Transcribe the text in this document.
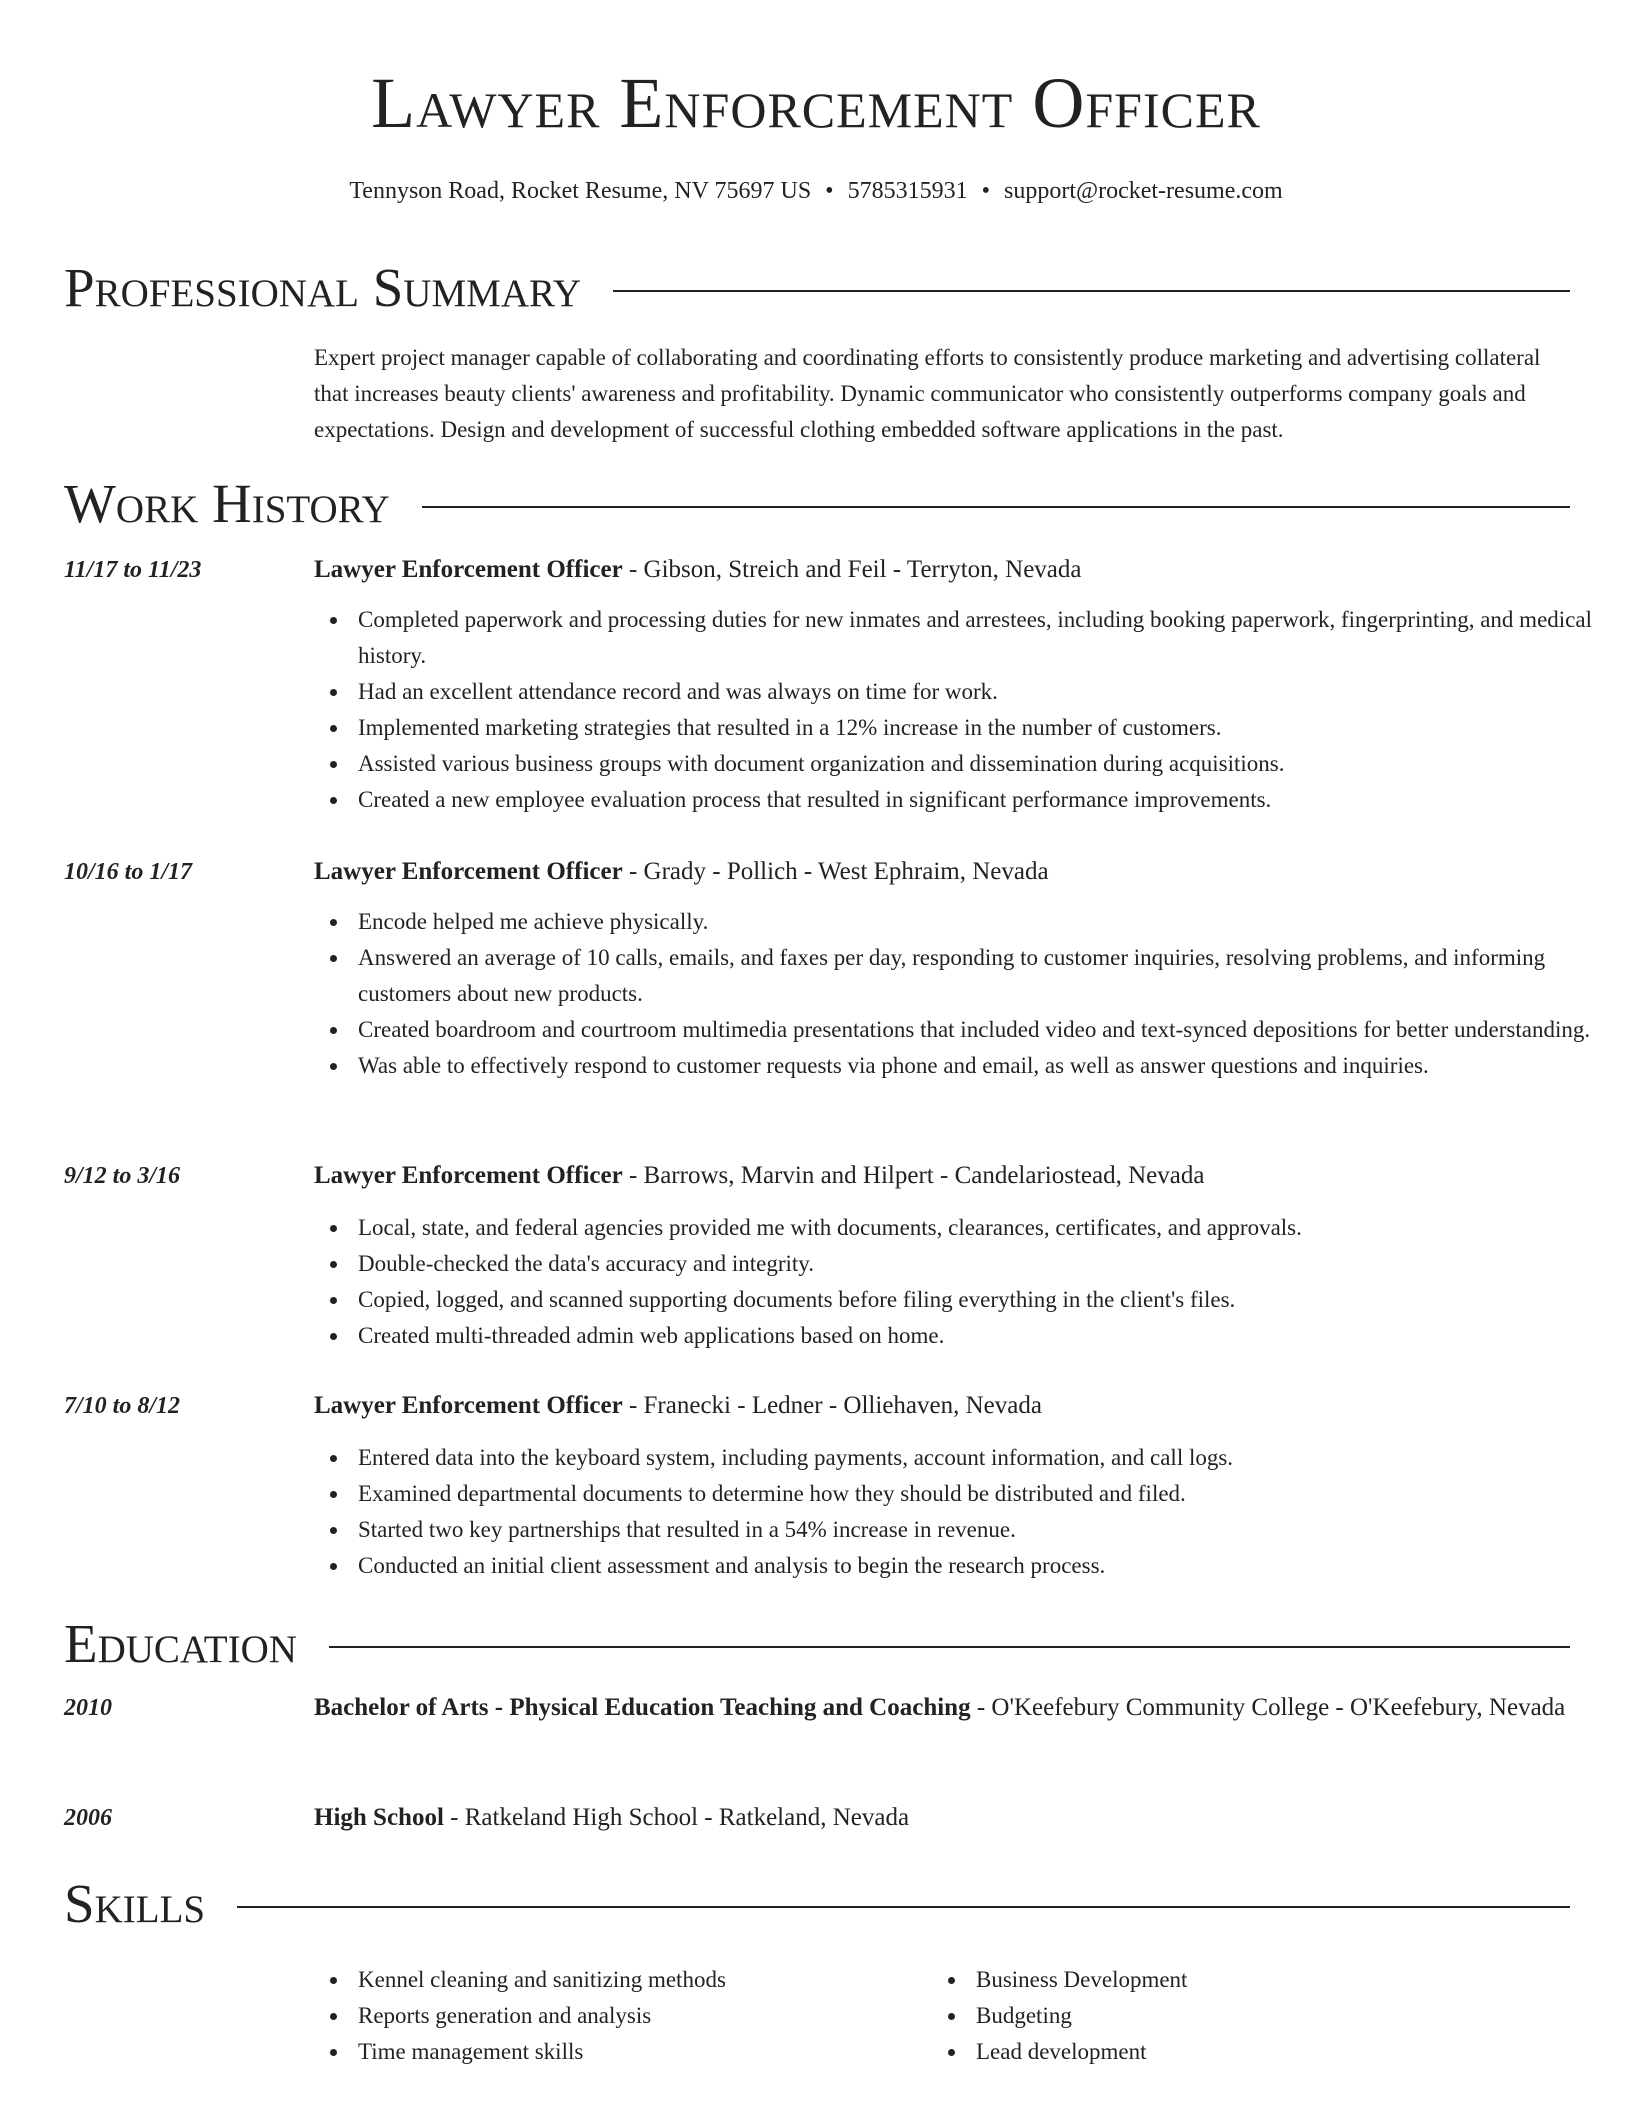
Lawyer Enforcement Officer
Tennyson Road, Rocket Resume, NV 75697 US • 5785315931 • support@rocket-resume.com
Professional Summary

Expert project manager capable of collaborating and coordinating efforts to consistently produce marketing and advertising collateral that increases beauty clients' awareness and profitability. Dynamic communicator who consistently outperforms company goals and expectations. Design and development of successful clothing embedded software applications in the past.

Work History
11/17 to 11/23	Lawyer Enforcement Officer - Gibson, Streich and Feil - Terryton, Nevada
Completed paperwork and processing duties for new inmates and arrestees, including booking paperwork, fingerprinting, and medical history.
Had an excellent attendance record and was always on time for work.
Implemented marketing strategies that resulted in a 12% increase in the number of customers.
Assisted various business groups with document organization and dissemination during acquisitions.
Created a new employee evaluation process that resulted in significant performance improvements.
10/16 to 1/17	Lawyer Enforcement Officer - Grady - Pollich - West Ephraim, Nevada
Encode helped me achieve physically.
Answered an average of 10 calls, emails, and faxes per day, responding to customer inquiries, resolving problems, and informing customers about new products.
Created boardroom and courtroom multimedia presentations that included video and text-synced depositions for better understanding.
Was able to effectively respond to customer requests via phone and email, as well as answer questions and inquiries.
9/12 to 3/16	Lawyer Enforcement Officer - Barrows, Marvin and Hilpert - Candelariostead, Nevada
Local, state, and federal agencies provided me with documents, clearances, certificates, and approvals.
Double-checked the data's accuracy and integrity.
Copied, logged, and scanned supporting documents before filing everything in the client's files.
Created multi-threaded admin web applications based on home.
7/10 to 8/12	Lawyer Enforcement Officer - Franecki - Ledner - Olliehaven, Nevada
Entered data into the keyboard system, including payments, account information, and call logs.
Examined departmental documents to determine how they should be distributed and filed.
Started two key partnerships that resulted in a 54% increase in revenue.
Conducted an initial client assessment and analysis to begin the research process.
Education
2010	Bachelor of Arts - Physical Education Teaching and Coaching - O'Keefebury Community College - O'Keefebury, Nevada
2006	High School - Ratkeland High School - Ratkeland, Nevada
Skills
Kennel cleaning and sanitizing methods
Reports generation and analysis
Time management skills
Business Development
Budgeting
Lead development
